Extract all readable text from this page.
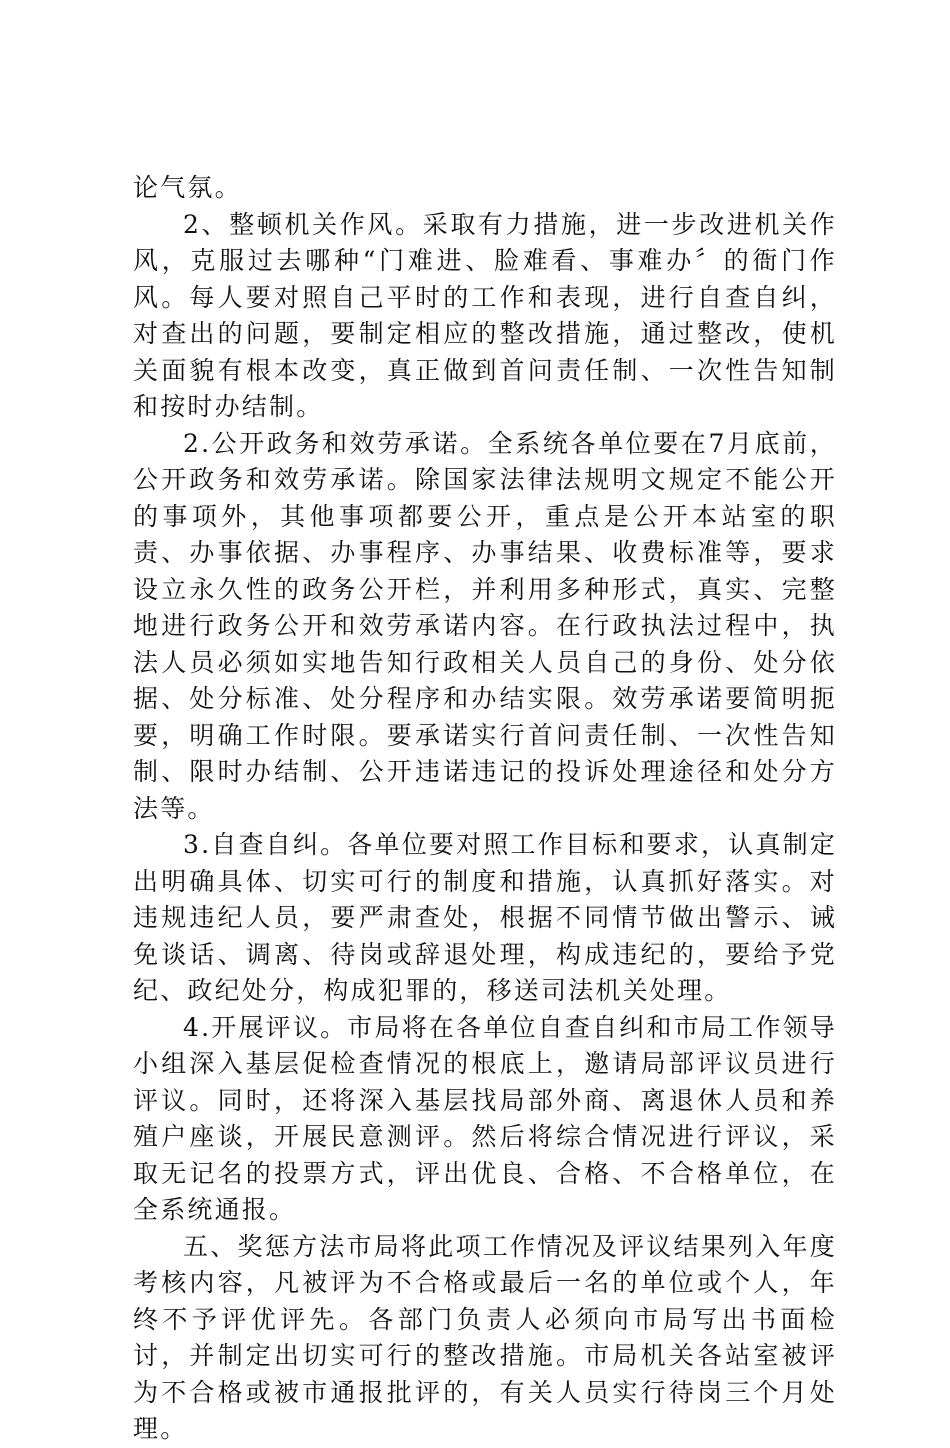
论气氛。

2、整顿机关作风。采取有力措施，进一步改进机关作风，克服过去哪种“门难进、脸难看、事难办〞的衙门作风。每人要对照自己平时的工作和表现，进行自查自纠，对查出的问题，要制定相应的整改措施，通过整改，使机关面貌有根本改变，真正做到首问责任制、一次性告知制和按时办结制。

2.公开政务和效劳承诺。全系统各单位要在7月底前，公开政务和效劳承诺。除国家法律法规明文规定不能公开的事项外，其他事项都要公开，重点是公开本站室的职责、办事依据、办事程序、办事结果、收费标准等，要求设立永久性的政务公开栏，并利用多种形式，真实、完整地进行政务公开和效劳承诺内容。在行政执法过程中，执法人员必须如实地告知行政相关人员自己的身份、处分依据、处分标准、处分程序和办结实限。效劳承诺要简明扼要，明确工作时限。要承诺实行首问责任制、一次性告知制、限时办结制、公开违诺违记的投诉处理途径和处分方法等。

3.自查自纠。各单位要对照工作目标和要求，认真制定出明确具体、切实可行的制度和措施，认真抓好落实。对违规违纪人员，要严肃查处，根据不同情节做出警示、诫免谈话、调离、待岗或辞退处理，构成违纪的，要给予党纪、政纪处分，构成犯罪的，移送司法机关处理。

4.开展评议。市局将在各单位自查自纠和市局工作领导小组深入基层促检查情况的根底上，邀请局部评议员进行评议。同时，还将深入基层找局部外商、离退休人员和养殖户座谈，开展民意测评。然后将综合情况进行评议，采取无记名的投票方式，评出优良、合格、不合格单位，在全系统通报。

五、奖惩方法市局将此项工作情况及评议结果列入年度考核内容，凡被评为不合格或最后一名的单位或个人，年终不予评优评先。各部门负责人必须向市局写出书面检讨，并制定出切实可行的整改措施。市局机关各站室被评为不合格或被市通报批评的，有关人员实行待岗三个月处理。
